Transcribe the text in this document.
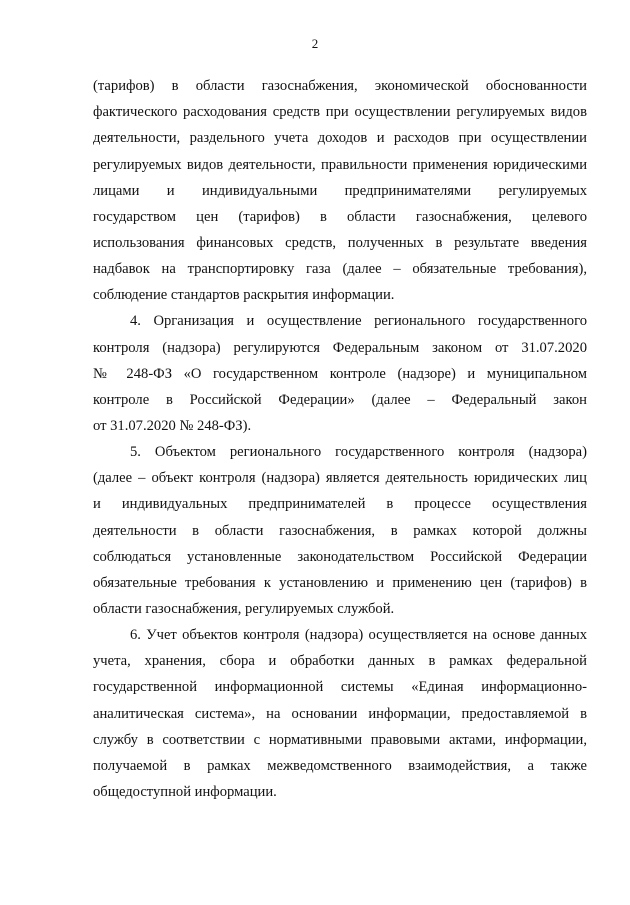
2
(тарифов) в области газоснабжения, экономической обоснованности
фактического расходования средств при осуществлении регулируемых видов
деятельности, раздельного учета доходов и расходов при осуществлении
регулируемых видов деятельности, правильности применения юридическими
лицами и индивидуальными предпринимателями регулируемых
государством цен (тарифов) в области газоснабжения, целевого
использования финансовых средств, полученных в результате введения
надбавок на транспортировку газа (далее – обязательные требования),
соблюдение стандартов раскрытия информации.
4. Организация и осуществление регионального государственного
контроля (надзора) регулируются Федеральным законом от 31.07.2020
№ 248-ФЗ «О государственном контроле (надзоре) и муниципальном
контроле в Российской Федерации» (далее – Федеральный закон
от 31.07.2020 № 248-ФЗ).
5. Объектом регионального государственного контроля (надзора)
(далее – объект контроля (надзора) является деятельность юридических лиц
и индивидуальных предпринимателей в процессе осуществления
деятельности в области газоснабжения, в рамках которой должны
соблюдаться установленные законодательством Российской Федерации
обязательные требования к установлению и применению цен (тарифов) в
области газоснабжения, регулируемых службой.
6. Учет объектов контроля (надзора) осуществляется на основе данных
учета, хранения, сбора и обработки данных в рамках федеральной
государственной информационной системы «Единая информационно-
аналитическая система», на основании информации, предоставляемой в
службу в соответствии с нормативными правовыми актами, информации,
получаемой в рамках межведомственного взаимодействия, а также
общедоступной информации.
